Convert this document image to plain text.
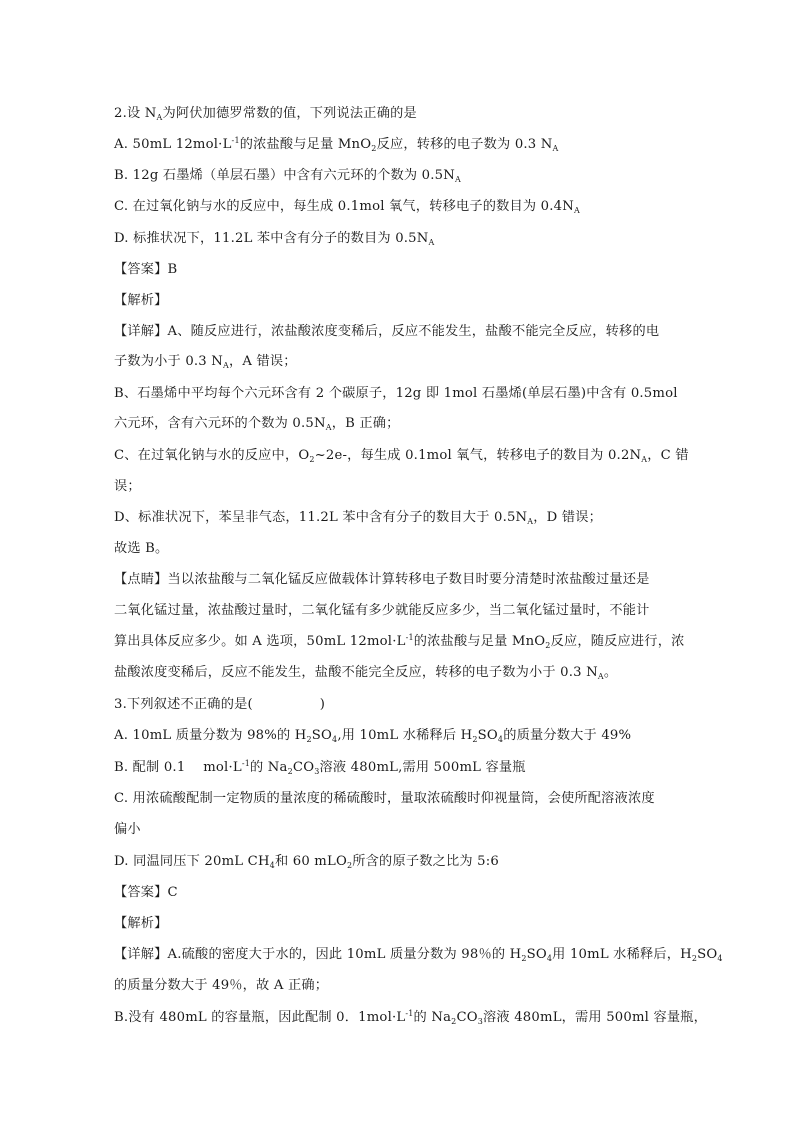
2.设 $N_A$为阿伏加德罗常数的值，下列说法正确的是
A. 50mL $12mol\cdot L^{-1}$的浓盐酸与足量 MnO$_2$反应，转移的电子数为 0.3 $N_A$
B. 12g 石墨烯（单层石墨）中含有六元环的个数为 $0.5N_A$
C. 在过氧化钠与水的反应中，每生成 0.1mol 氧气，转移电子的数目为 $0.4N_A$
D. 标推状况下，11.2L 苯中含有分子的数目为 $0.5N_A$
【答案】B
【解析】
【详解】A、随反应进行，浓盐酸浓度变稀后，反应不能发生，盐酸不能完全反应，转移的电
子数为小于 0.3 $N_A$，A 错误；
B、石墨烯中平均每个六元环含有 2 个碳原子，12g 即 1mol 石墨烯(单层石墨)中含有 0.5mol
六元环，含有六元环的个数为 $0.5N_A$，B 正确；
C、在过氧化钠与水的反应中，$O_2\sim 2e-$，每生成 0.1mol 氧气，转移电子的数目为 $0.2N_A$，C 错
误；
D、标准状况下，苯呈非气态，11.2L 苯中含有分子的数目大于 $0.5N_A$，D 错误；
故选 B。
【点睛】当以浓盐酸与二氧化锰反应做载体计算转移电子数目时要分清楚时浓盐酸过量还是
二氧化锰过量，浓盐酸过量时，二氧化锰有多少就能反应多少，当二氧化锰过量时，不能计
算出具体反应多少。如 A 选项，50mL $12mol\cdot L^{-1}$的浓盐酸与足量 MnO$_2$反应，随反应进行，浓
盐酸浓度变稀后，反应不能发生，盐酸不能完全反应，转移的电子数为小于 0.3 $N_A$。
3.下列叙述不正确的是(　　　　　)
A. 10mL 质量分数为 98%的 $H_2SO_4$,用 10mL 水稀释后 $H_2SO_4$的质量分数大于 49%
B. 配制 0.1　 $mol\cdot L^{-1}$的 $Na_2CO_3$溶液 480mL,需用 500mL 容量瓶
C. 用浓硫酸配制一定物质的量浓度的稀硫酸时，量取浓硫酸时仰视量筒，会使所配溶液浓度
偏小
D. 同温同压下 20mL $CH_4$和 60 mLO$_2$所含的原子数之比为 5:6
【答案】C
【解析】
【详解】A.硫酸的密度大于水的，因此 10mL 质量分数为 98％的 $H_2SO_4$用 10mL 水稀释后，$H_2SO_4$
的质量分数大于 49％，故 A 正确；
B.没有 480mL 的容量瓶，因此配制 0．$1mol\cdot L^{-1}$的 $Na_2CO_3$溶液 480mL，需用 500ml 容量瓶，
